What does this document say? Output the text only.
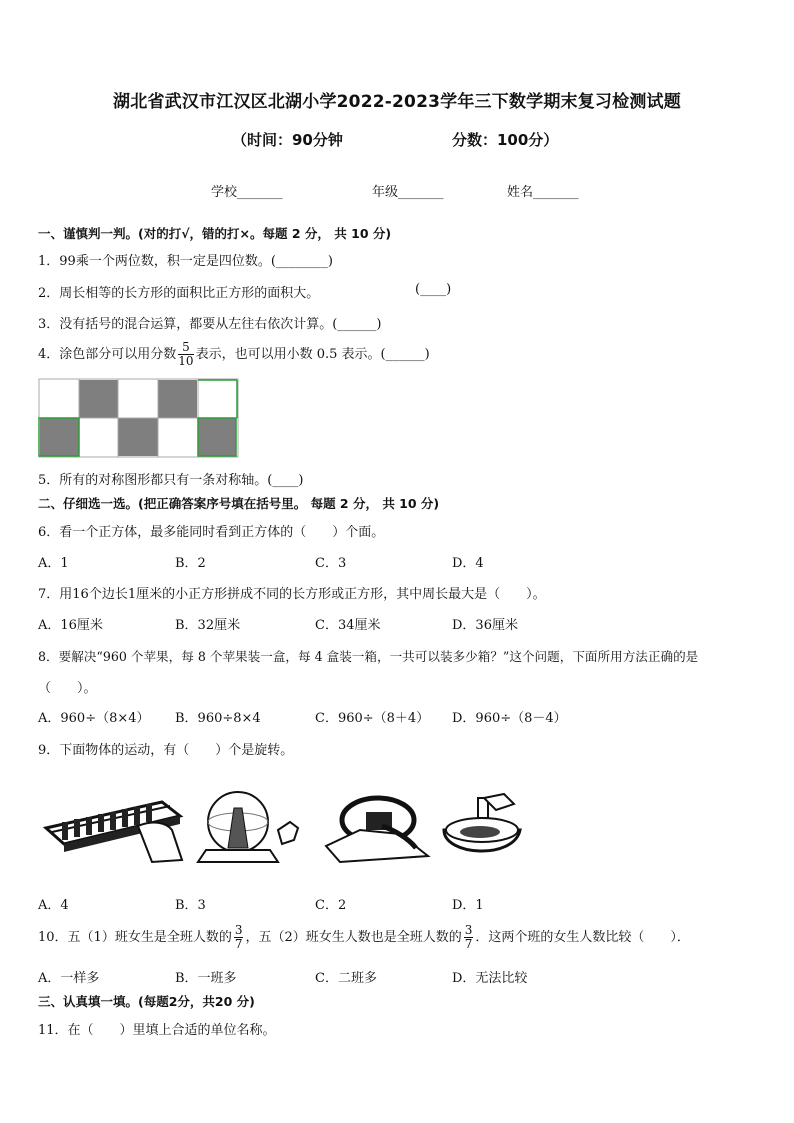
湖北省武汉市江汉区北湖小学2022-2023学年三下数学期末复习检测试题
（时间：90分钟	分数：100分）
学校_______	年级_______	姓名_______
一、谨慎判一判。(对的打√，错的打×。每题 2 分， 共 10 分)
1．99乘一个两位数，积一定是四位数。(________)
2．周长相等的长方形的面积比正方形的面积大。	(____)
3．没有括号的混合运算，都要从左往右依次计算。(______)
4．涂色部分可以用分数 $\frac{5}{10}$ 表示，也可以用小数 0.5 表示。(______)
5．所有的对称图形都只有一条对称轴。(____)
二、仔细选一选。(把正确答案序号填在括号里。 每题 2 分， 共 10 分)
6．看一个正方体，最多能同时看到正方体的（　　）个面。
A．1	B．2	C．3	D．4
7．用16个边长1厘米的小正方形拼成不同的长方形或正方形，其中周长最大是（　　）。
A．16厘米	B．32厘米	C．34厘米	D．36厘米
8．要解决“960 个苹果，每 8 个苹果装一盒，每 4 盒装一箱，一共可以装多少箱？”这个问题，下面所用方法正确的是
（　　）。
A．960÷（8×4） B．960÷8×4	C．960÷（8＋4） D．960÷（8－4）
9．下面物体的运动，有（　　）个是旋转。
A．4	B．3	C．2	D．1
10．五（1）班女生是全班人数的 $\frac{3}{7}$ ，五（2）班女生人数也是全班人数的 $\frac{3}{7}$ ．这两个班的女生人数比较（　　）．
A．一样多	B．一班多	C．二班多	D．无法比较
三、认真填一填。(每题2分，共20 分)
11．在（　　）里填上合适的单位名称。
